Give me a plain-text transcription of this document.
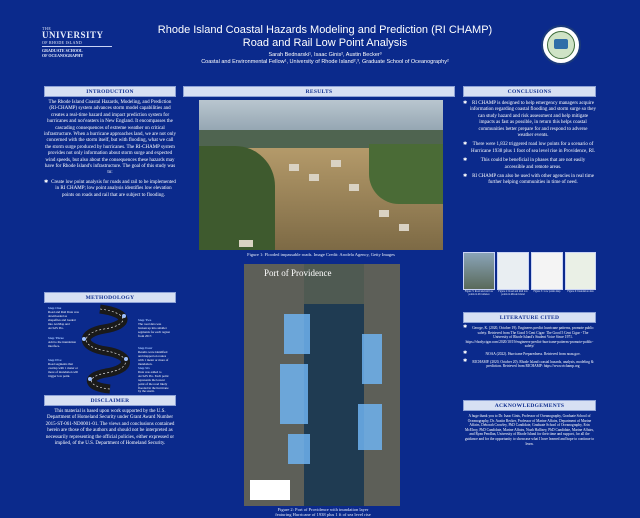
THE
UNIVERSITY
OF RHODE ISLAND
GRADUATE SCHOOL
OF OCEANOGRAPHY
Rhode Island Coastal Hazards Modeling and Prediction (RI CHAMP)
Road and Rail Low Point Analysis
Sarah Bednarski¹, Isaac Ginis², Austin Becker³
Coastal and Environmental Fellow¹, University of Rhode Island²,³, Graduate School of Oceanography²
INTRODUCTION
The Rhode Island Coastal Hazards, Modeling, and Prediction (RI-CHAMP) system advances storm model capabilities and creates a real-time hazard and impact prediction system for hurricanes and nor'easters in New England. It encompasses the cascading consequences of extreme weather on critical infrastructure. When a hurricane approaches land, we are not only concerned with the storm itself, but with flooding, what we call the storm surge produced by hurricanes. The RI-CHAMP system provides not only information about storm surge and expected wind speeds, but also about the consequences these hazards may have for Rhode Island's infrastructure. The goal of this study was to:
✱ Create low point analysis for roads and rail to be implemented in RI CHAMP; low point analysis identifies low elevation points on roads and rail that are subject to flooding.
METHODOLOGY
Step One
Road and Rail Data was downloaded as shapefiles and loaded into ArcMap and ArcGIS Pro.
Step Two
The road data was broken up into smaller segments for each region from 2017.
Step Three
Add to the inundation interface.
Step Four
Results were identified and mapped on routes with 1 meter or more of inundation.
Step Five
Road segments that overlap with 1 meter or more of inundation will trigger low point.
Step Six
Data was added to ArcGIS Pro. Each point represents the lowest point of the road likely flooded in the hurricane by the storm.
DISCLAIMER
This material is based upon work supported by the U.S. Department of Homeland Security under Grant Award Number 2015-ST-061-ND0001-01. The views and conclusions contained herein are those of the authors and should not be interpreted as necessarily representing the official policies, either expressed or implied, of the U.S. Department of Homeland Security.
RESULTS
Figure 1: Flooded impassable roads. Image Credit: Arodela Agency, Getty Images
Port of Providence
Figure 2: Port of Providence with inundation layer
featuring Hurricane of 1938 plus 1 ft of sea level rise
Figure 3: Road and rail low points in Providence
Figure 4: Road and Rail low points in Rhode Island
Figure 5: Low points map	Figure 6: Inundation data
CONCLUSIONS
✱ RI CHAMP is designed to help emergency managers acquire information regarding coastal flooding and storm surge so they can study hazard and risk assessment and help mitigate impacts as fast as possible, in return this helps coastal communities better prepare for and respond to adverse weather events.
✱ There were 1,832 triggered road low points for a scenario of Hurricane 1938 plus 1 foot of sea level rise in Providence, RI.
✱ This could be beneficial in phases that are not easily accessible and remote areas.
✱ RI CHAMP can also be used with other agencies in real time further helping communities in time of need.
LITERATURE CITED
✱ George, K. (2020, October 19). Engineers predict hurricane patterns, promote public safety. Retrieved from The Good 5 Cent Cigar: The Good 5 Cent Cigar - The University of Rhode Island's Student Voice Since 1971.
https://rhodycigar.com/2020/10/19/engineers-predict-hurricane-patterns-promote-public-safety/
✱ NOAA (2022). Hurricane Preparedness. Retrieved from noaa.gov.
✱ RICHAMP. (2020, October 20). Rhode Island coastal hazards, analysis, modeling & prediction. Retrieved from RICHAMP: https://www.richamp.org
ACKNOWLEDGEMENTS
A huge thank you to Dr. Isaac Ginis, Professor of Oceanography, Graduate School of Oceanography, Dr. Austin Becker, Professor of Marine Affairs, Department of Marine Affairs, Deborah Crowley, PhD Candidate, Graduate School of Oceanography, Erin McElroy, PhD Candidate, Marine Affairs, Noah Hallisey, PhD Candidate, Marine Affairs, and Ryan Pendlan, University of Rhode Island for their time and support, for all the guidance and for the opportunity to showcase what I have learned and hope to continue to learn.
